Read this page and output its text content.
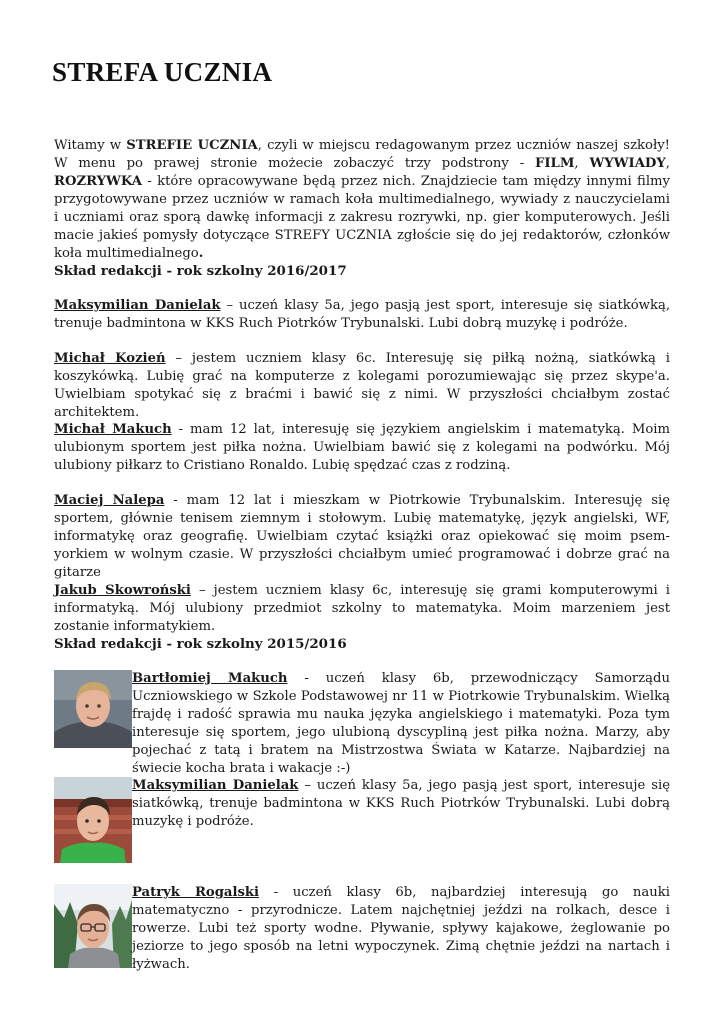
STREFA UCZNIA
Witamy w STREFIE UCZNIA, czyli w miejscu redagowanym przez uczniów naszej szkoły! W menu po prawej stronie możecie zobaczyć trzy podstrony - FILM, WYWIADY, ROZRYWKA - które opracowywane będą przez nich. Znajdziecie tam między innymi filmy przygotowywane przez uczniów w ramach koła multimedialnego, wywiady z nauczycielami i uczniami oraz sporą dawkę informacji z zakresu rozrywki, np. gier komputerowych. Jeśli macie jakieś pomysły dotyczące STREFY UCZNIA zgłoście się do jej redaktorów, członków koła multimedialnego.
Skład redakcji - rok szkolny 2016/2017
Maksymilian Danielak – uczeń klasy 5a, jego pasją jest sport, interesuje się siatkówką, trenuje badmintona w KKS Ruch Piotrków Trybunalski. Lubi dobrą muzykę i podróże.
Michał Kozień – jestem uczniem klasy 6c. Interesuję się piłką nożną, siatkówką i koszykówką. Lubię grać na komputerze z kolegami porozumiewając się przez skype'a. Uwielbiam spotykać się z braćmi i bawić się z nimi. W przyszłości chciałbym zostać architektem.
Michał Makuch - mam 12 lat, interesuję się językiem angielskim i matematyką. Moim ulubionym sportem jest piłka nożna. Uwielbiam bawić się z kolegami na podwórku. Mój ulubiony piłkarz to Cristiano Ronaldo. Lubię spędzać czas z rodziną.
Maciej Nalepa - mam 12 lat i mieszkam w Piotrkowie Trybunalskim. Interesuję się sportem, głównie tenisem ziemnym i stołowym. Lubię matematykę, język angielski, WF, informatykę oraz geografię. Uwielbiam czytać książki oraz opiekować się moim psem- yorkiem w wolnym czasie. W przyszłości chciałbym umieć programować i dobrze grać na gitarze
Jakub Skowroński – jestem uczniem klasy 6c, interesuję się grami komputerowymi i informatyką. Mój ulubiony przedmiot szkolny to matematyka. Moim marzeniem jest zostanie informatykiem.
Skład redakcji - rok szkolny 2015/2016
Bartłomiej Makuch - uczeń klasy 6b, przewodniczący Samorządu Uczniowskiego w Szkole Podstawowej nr 11 w Piotrkowie Trybunalskim. Wielką frajdę i radość sprawia mu nauka języka angielskiego i matematyki. Poza tym interesuje się sportem, jego ulubioną dyscypliną jest piłka nożna. Marzy, aby pojechać z tatą i bratem na Mistrzostwa Świata w Katarze. Najbardziej na świecie kocha brata i wakacje :-)
Maksymilian Danielak – uczeń klasy 5a, jego pasją jest sport, interesuje się siatkówką, trenuje badmintona w KKS Ruch Piotrków Trybunalski. Lubi dobrą muzykę i podróże.
Patryk Rogalski - uczeń klasy 6b, najbardziej interesują go nauki matematyczno - przyrodnicze. Latem najchętniej jeździ na rolkach, desce i rowerze. Lubi też sporty wodne. Pływanie, spływy kajakowe, żeglowanie po jeziorze to jego sposób na letni wypoczynek. Zimą chętnie jeździ na nartach i łyżwach.
